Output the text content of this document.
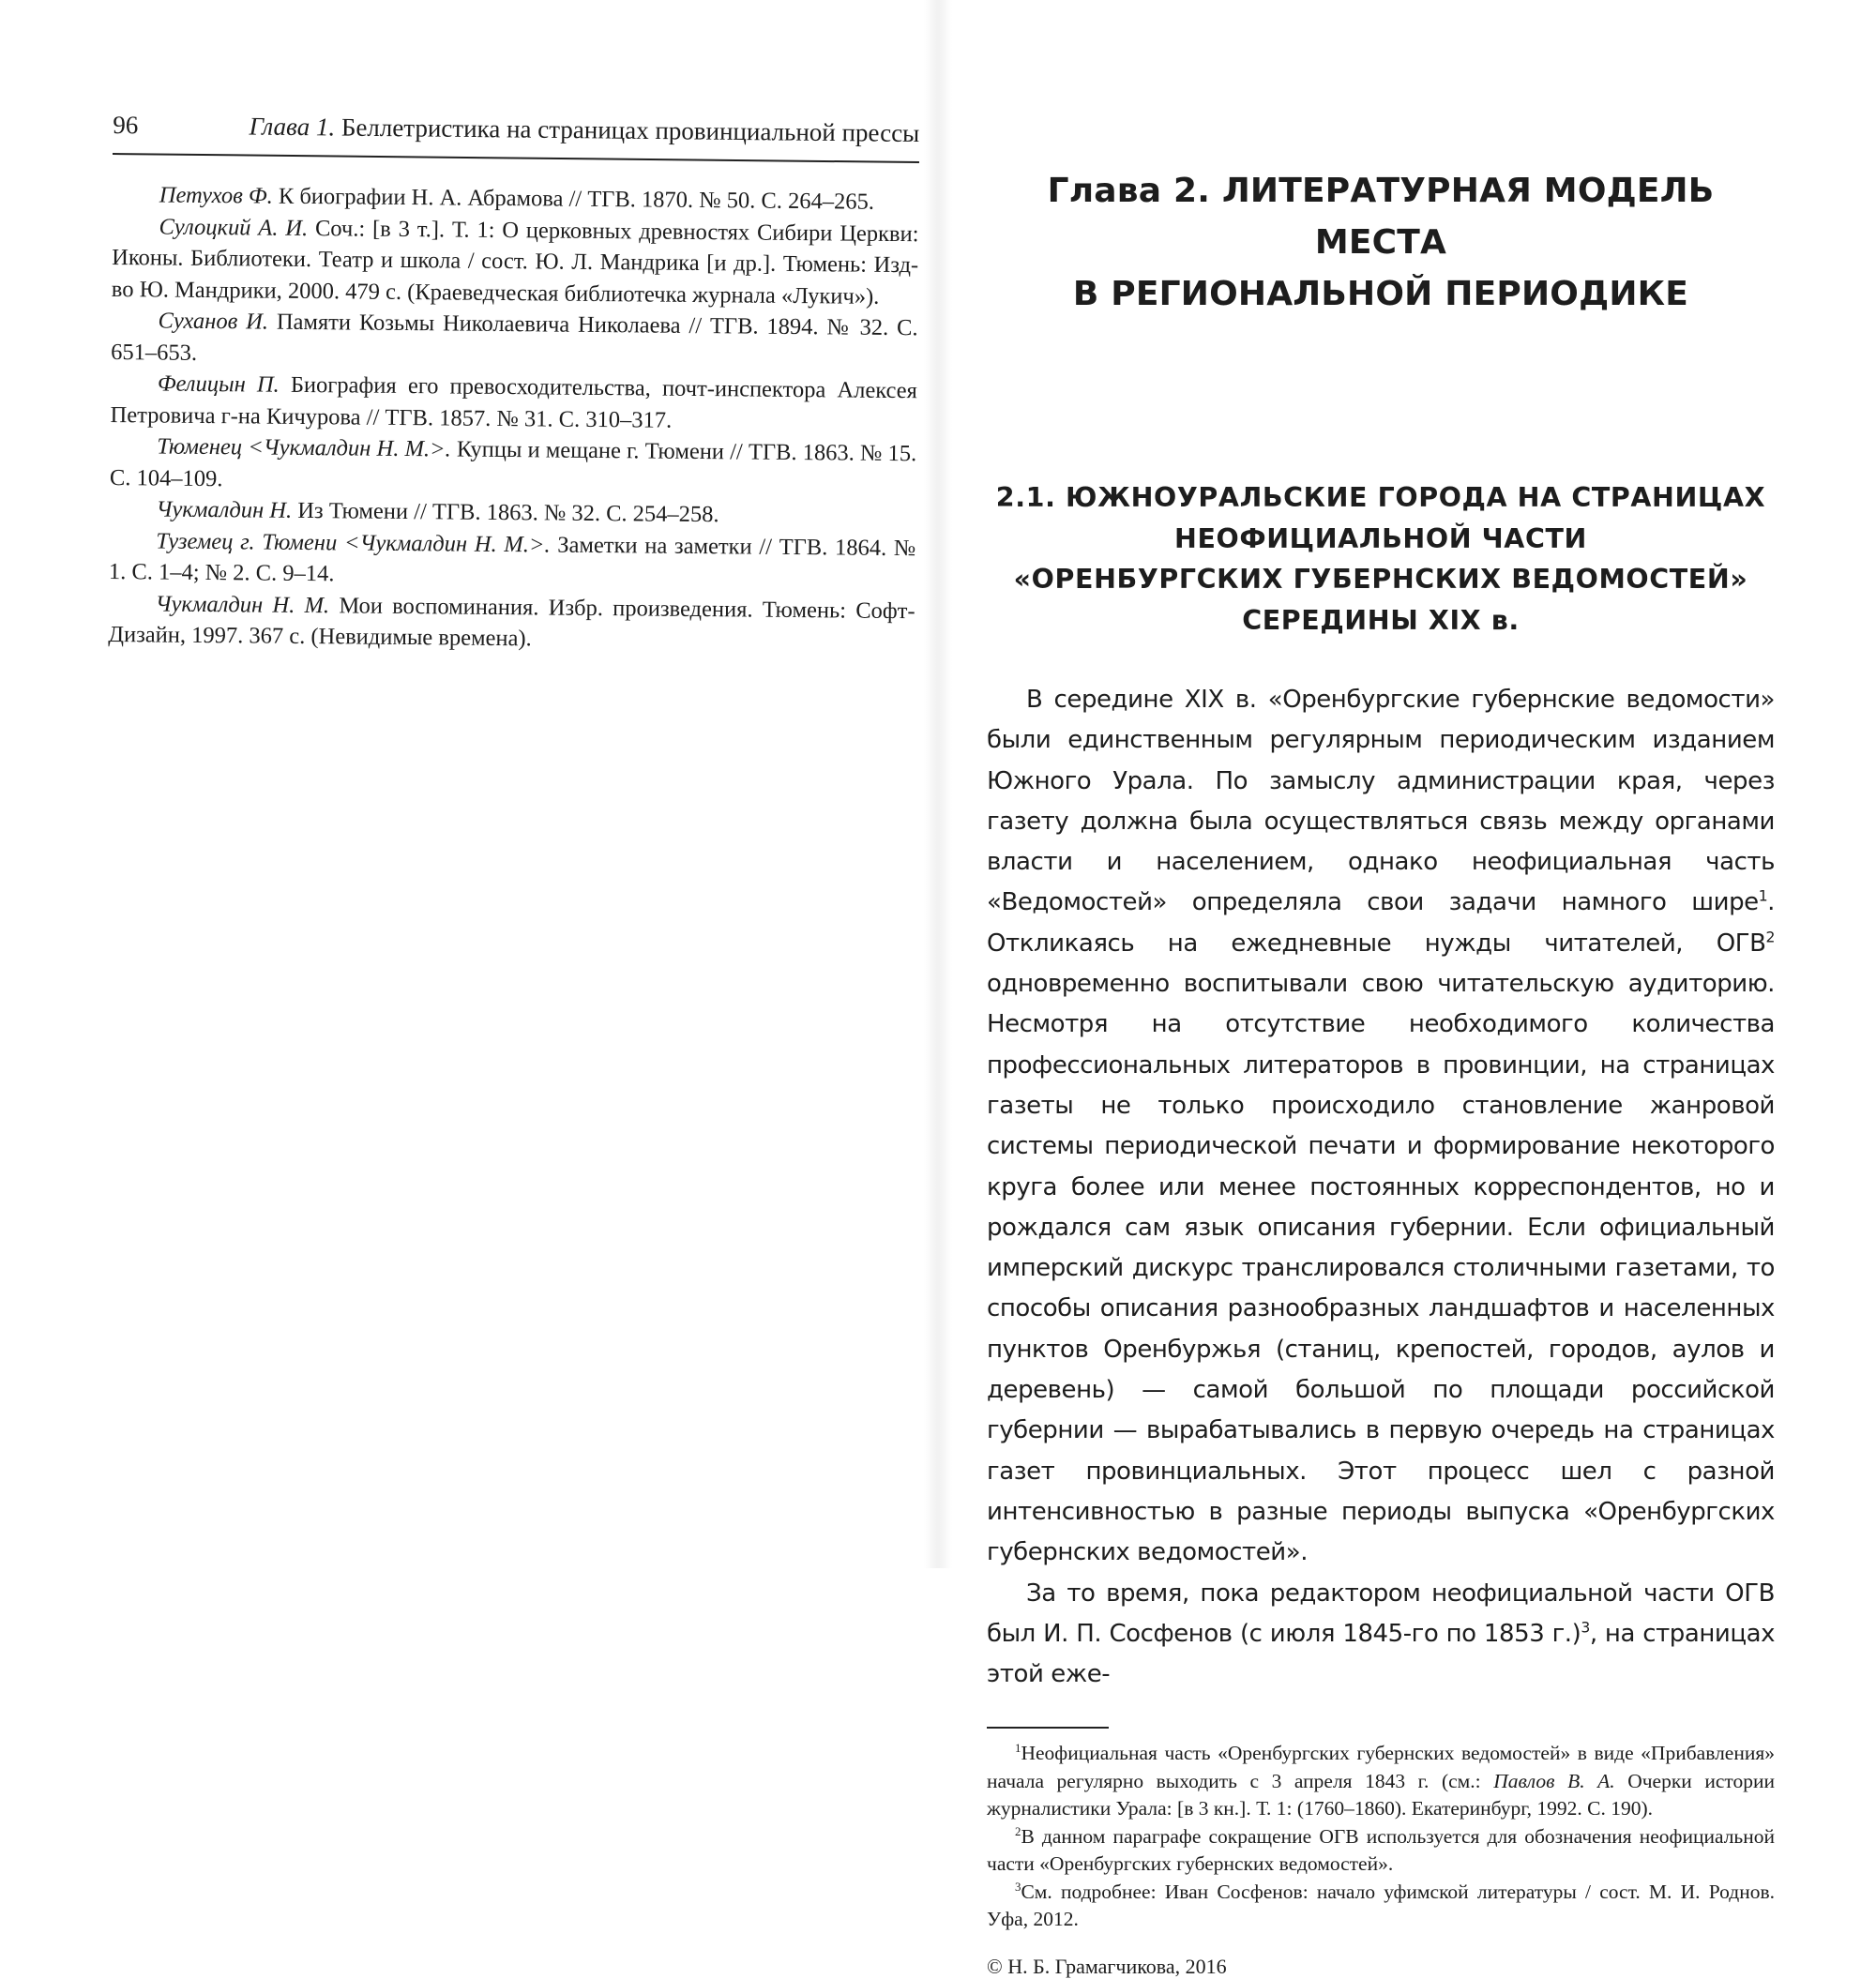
96	Глава 1. Беллетристика на страницах провинциальной прессы

Петухов Ф. К биографии Н. А. Абрамова // ТГВ. 1870. № 50. С. 264–265.

Сулоцкий А. И. Соч.: [в 3 т.]. Т. 1: О церковных древностях Сибири Церкви: Иконы. Библиотеки. Театр и школа / сост. Ю. Л. Мандрика [и др.]. Тюмень: Изд-во Ю. Мандрики, 2000. 479 с. (Краеведческая библиотечка журнала «Лукич»).

Суханов И. Памяти Козьмы Николаевича Николаева // ТГВ. 1894. № 32. С. 651–653.

Фелицын П. Биография его превосходительства, почт-инспектора Алексея Петровича г-на Кичурова // ТГВ. 1857. № 31. С. 310–317.

Тюменец <Чукмалдин Н. М.>. Купцы и мещане г. Тюмени // ТГВ. 1863. № 15. С. 104–109.

Чукмалдин Н. Из Тюмени // ТГВ. 1863. № 32. С. 254–258.

Туземец г. Тюмени <Чукмалдин Н. М.>. Заметки на заметки // ТГВ. 1864. № 1. С. 1–4; № 2. С. 9–14.

Чукмалдин Н. М. Мои воспоминания. Избр. произведения. Тюмень: Софт-Дизайн, 1997. 367 с. (Невидимые времена).

Глава 2. ЛИТЕРАТУРНАЯ МОДЕЛЬ МЕСТА
В РЕГИОНАЛЬНОЙ ПЕРИОДИКЕ
2.1. ЮЖНОУРАЛЬСКИЕ ГОРОДА НА СТРАНИЦАХ
НЕОФИЦИАЛЬНОЙ ЧАСТИ
«ОРЕНБУРГСКИХ ГУБЕРНСКИХ ВЕДОМОСТЕЙ»
СЕРЕДИНЫ XIX в.

В середине XIX в. «Оренбургские губернские ведомости» были единственным регулярным периодическим изданием Южного Урала. По замыслу администрации края, через газету должна была осуществляться связь между органами власти и населением, однако неофициальная часть «Ведомостей» определяла свои задачи намного шире$^1$. Откликаясь на ежедневные нужды читателей, ОГВ$^2$ одновременно воспитывали свою читательскую аудиторию. Несмотря на отсутствие необходимого количества профессиональных литераторов в провинции, на страницах газеты не только происходило становление жанровой системы периодической печати и формирование некоторого круга более или менее постоянных корреспондентов, но и рождался сам язык описания губернии. Если официальный имперский дискурс транслировался столичными газетами, то способы описания разнообразных ландшафтов и населенных пунктов Оренбуржья (станиц, крепостей, городов, аулов и деревень) — самой большой по площади российской губернии — вырабатывались в первую очередь на страницах газет провинциальных. Этот процесс шел с разной интенсивностью в разные периоды выпуска «Оренбургских губернских ведомостей».

За то время, пока редактором неофициальной части ОГВ был И. П. Сосфенов (с июля 1845-го по 1853 г.)$^3$, на страницах этой еже-

$^1$Неофициальная часть «Оренбургских губернских ведомостей» в виде «Прибавления» начала регулярно выходить с 3 апреля 1843 г. (см.: Павлов В. А. Очерки истории журналистики Урала: [в 3 кн.]. Т. 1: (1760–1860). Екатеринбург, 1992. С. 190).

$^2$В данном параграфе сокращение ОГВ используется для обозначения неофициальной части «Оренбургских губернских ведомостей».

$^3$См. подробнее: Иван Сосфенов: начало уфимской литературы / сост. М. И. Роднов. Уфа, 2012.

© Н. Б. Грамагчикова, 2016
